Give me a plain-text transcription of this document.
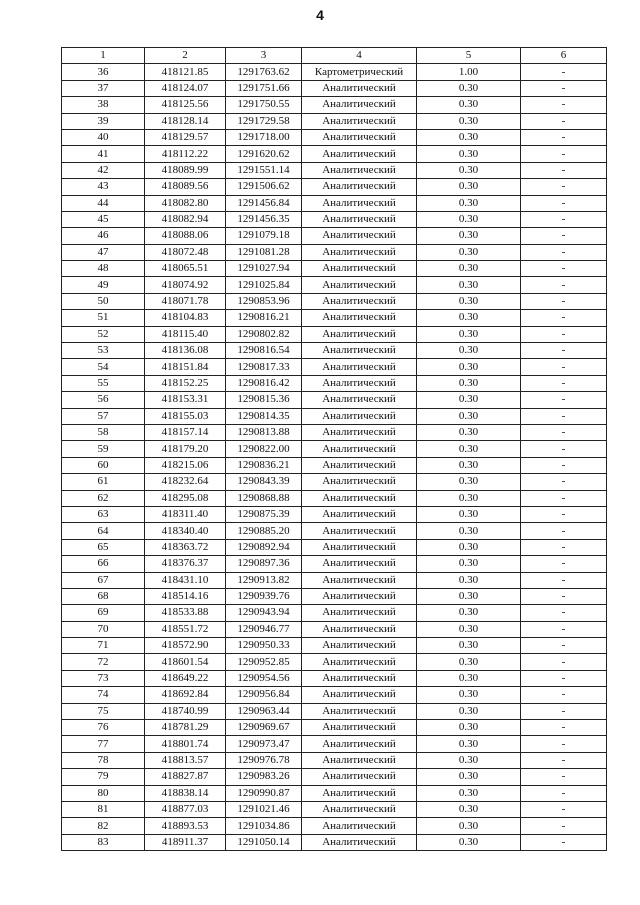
4
1	2	3	4	5	6
36	418121.85	1291763.62	Картометрический	1.00	-
37	418124.07	1291751.66	Аналитический	0.30	-
38	418125.56	1291750.55	Аналитический	0.30	-
39	418128.14	1291729.58	Аналитический	0.30	-
40	418129.57	1291718.00	Аналитический	0.30	-
41	418112.22	1291620.62	Аналитический	0.30	-
42	418089.99	1291551.14	Аналитический	0.30	-
43	418089.56	1291506.62	Аналитический	0.30	-
44	418082.80	1291456.84	Аналитический	0.30	-
45	418082.94	1291456.35	Аналитический	0.30	-
46	418088.06	1291079.18	Аналитический	0.30	-
47	418072.48	1291081.28	Аналитический	0.30	-
48	418065.51	1291027.94	Аналитический	0.30	-
49	418074.92	1291025.84	Аналитический	0.30	-
50	418071.78	1290853.96	Аналитический	0.30	-
51	418104.83	1290816.21	Аналитический	0.30	-
52	418115.40	1290802.82	Аналитический	0.30	-
53	418136.08	1290816.54	Аналитический	0.30	-
54	418151.84	1290817.33	Аналитический	0.30	-
55	418152.25	1290816.42	Аналитический	0.30	-
56	418153.31	1290815.36	Аналитический	0.30	-
57	418155.03	1290814.35	Аналитический	0.30	-
58	418157.14	1290813.88	Аналитический	0.30	-
59	418179.20	1290822.00	Аналитический	0.30	-
60	418215.06	1290836.21	Аналитический	0.30	-
61	418232.64	1290843.39	Аналитический	0.30	-
62	418295.08	1290868.88	Аналитический	0.30	-
63	418311.40	1290875.39	Аналитический	0.30	-
64	418340.40	1290885.20	Аналитический	0.30	-
65	418363.72	1290892.94	Аналитический	0.30	-
66	418376.37	1290897.36	Аналитический	0.30	-
67	418431.10	1290913.82	Аналитический	0.30	-
68	418514.16	1290939.76	Аналитический	0.30	-
69	418533.88	1290943.94	Аналитический	0.30	-
70	418551.72	1290946.77	Аналитический	0.30	-
71	418572.90	1290950.33	Аналитический	0.30	-
72	418601.54	1290952.85	Аналитический	0.30	-
73	418649.22	1290954.56	Аналитический	0.30	-
74	418692.84	1290956.84	Аналитический	0.30	-
75	418740.99	1290963.44	Аналитический	0.30	-
76	418781.29	1290969.67	Аналитический	0.30	-
77	418801.74	1290973.47	Аналитический	0.30	-
78	418813.57	1290976.78	Аналитический	0.30	-
79	418827.87	1290983.26	Аналитический	0.30	-
80	418838.14	1290990.87	Аналитический	0.30	-
81	418877.03	1291021.46	Аналитический	0.30	-
82	418893.53	1291034.86	Аналитический	0.30	-
83	418911.37	1291050.14	Аналитический	0.30	-
